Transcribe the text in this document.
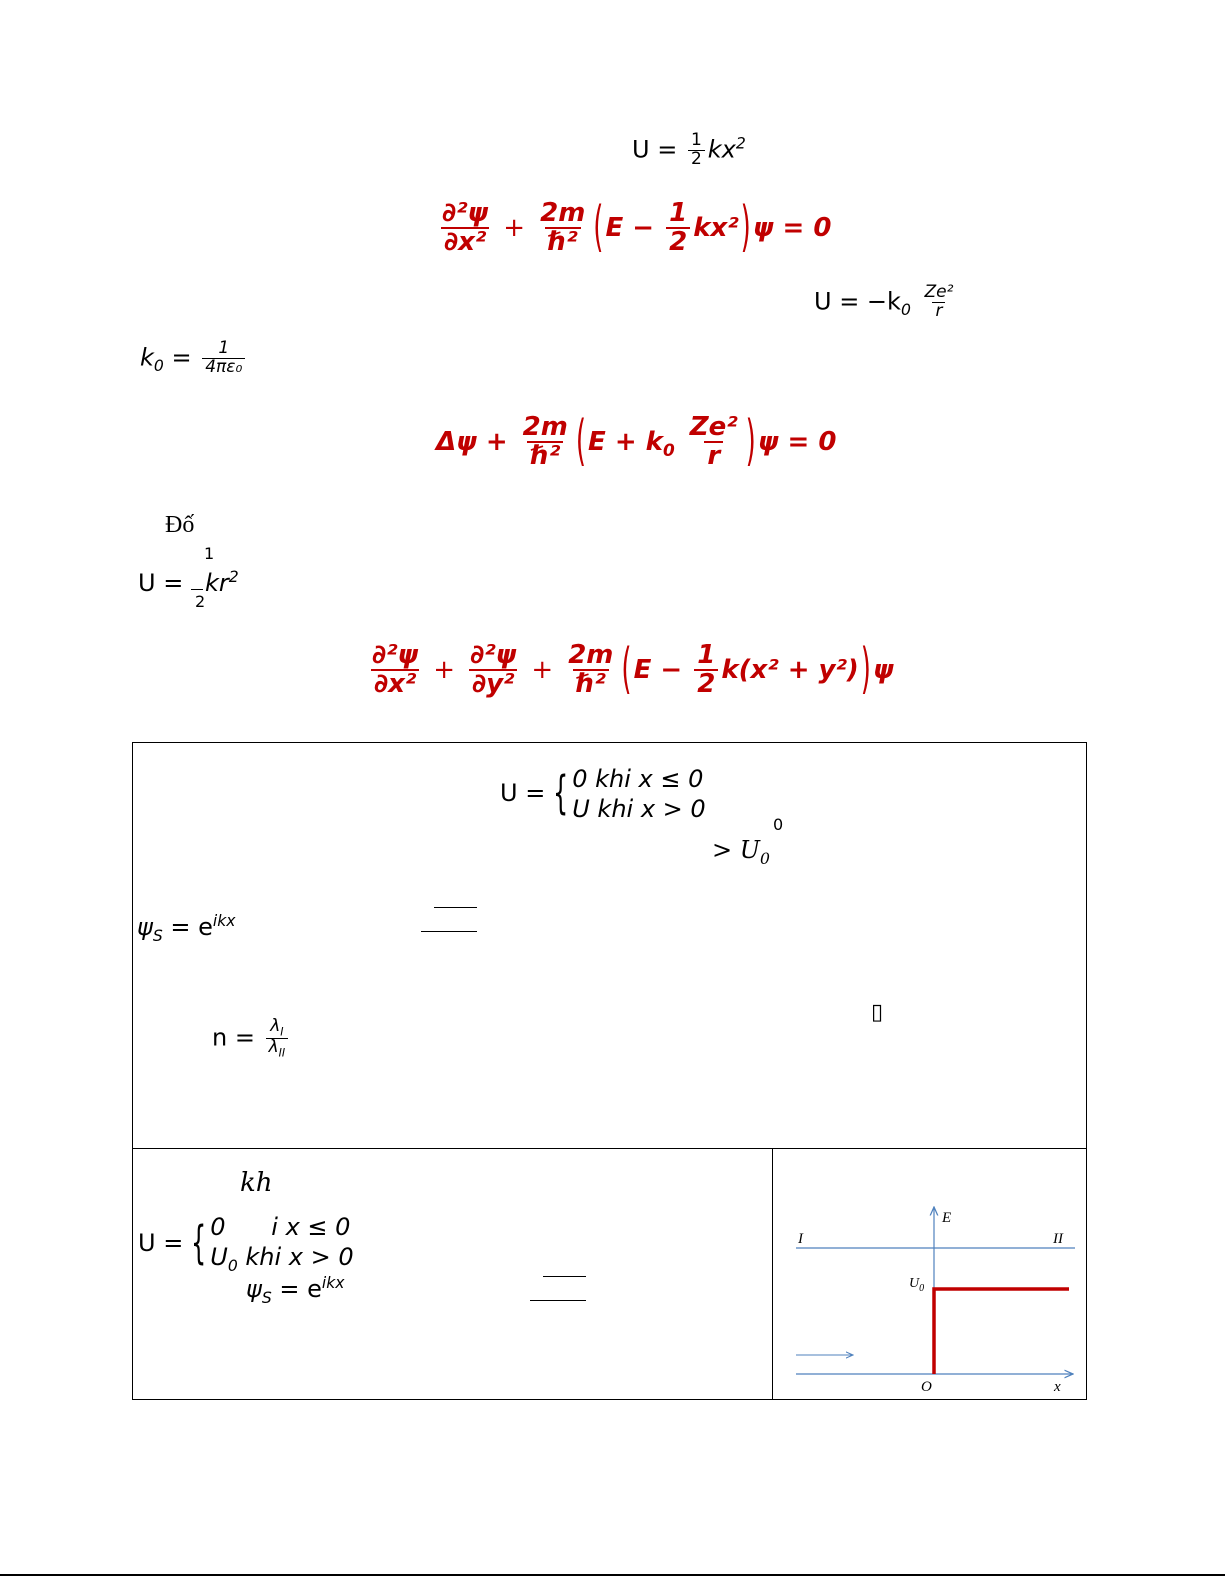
$U = \frac{1}{2} kx^2$
$\frac{\text{∂²ψ}}{\text{∂x²}} + \frac{2m}{\text{ℏ²}} (E - \frac{1}{2} kx^2)\psi = 0$
$U = -k_0 \frac{\text{Ze²}}{r}$
$k_0 = \frac{1}{\text{4πε₀}}$
$\Delta\psi + \frac{2m}{\text{ℏ²}} (E + k_0 \frac{\text{Ze²}}{r} )\psi = 0$
Đố
1
$U = kr^2$
2
$\frac{\text{∂²ψ}}{\text{∂x²}} + \frac{\text{∂²ψ}}{\text{∂y²}} + \frac{2m}{\text{ℏ²}} (E - \frac{1}{2} k(x^2 + y^2))\psi$
U = { 0 khi x ≤ 0
U khi x > 0
0
> $U_0$
$\psi_S = e^{ikx}$
$n = \frac{\lambda_I}{\lambda_{II}}$
▯
kh
U = { 0      i x ≤ 0
$U_0$ khi x > 0
$\psi_S = e^{ikx}$
E
I	II
$U_0$
O	x
